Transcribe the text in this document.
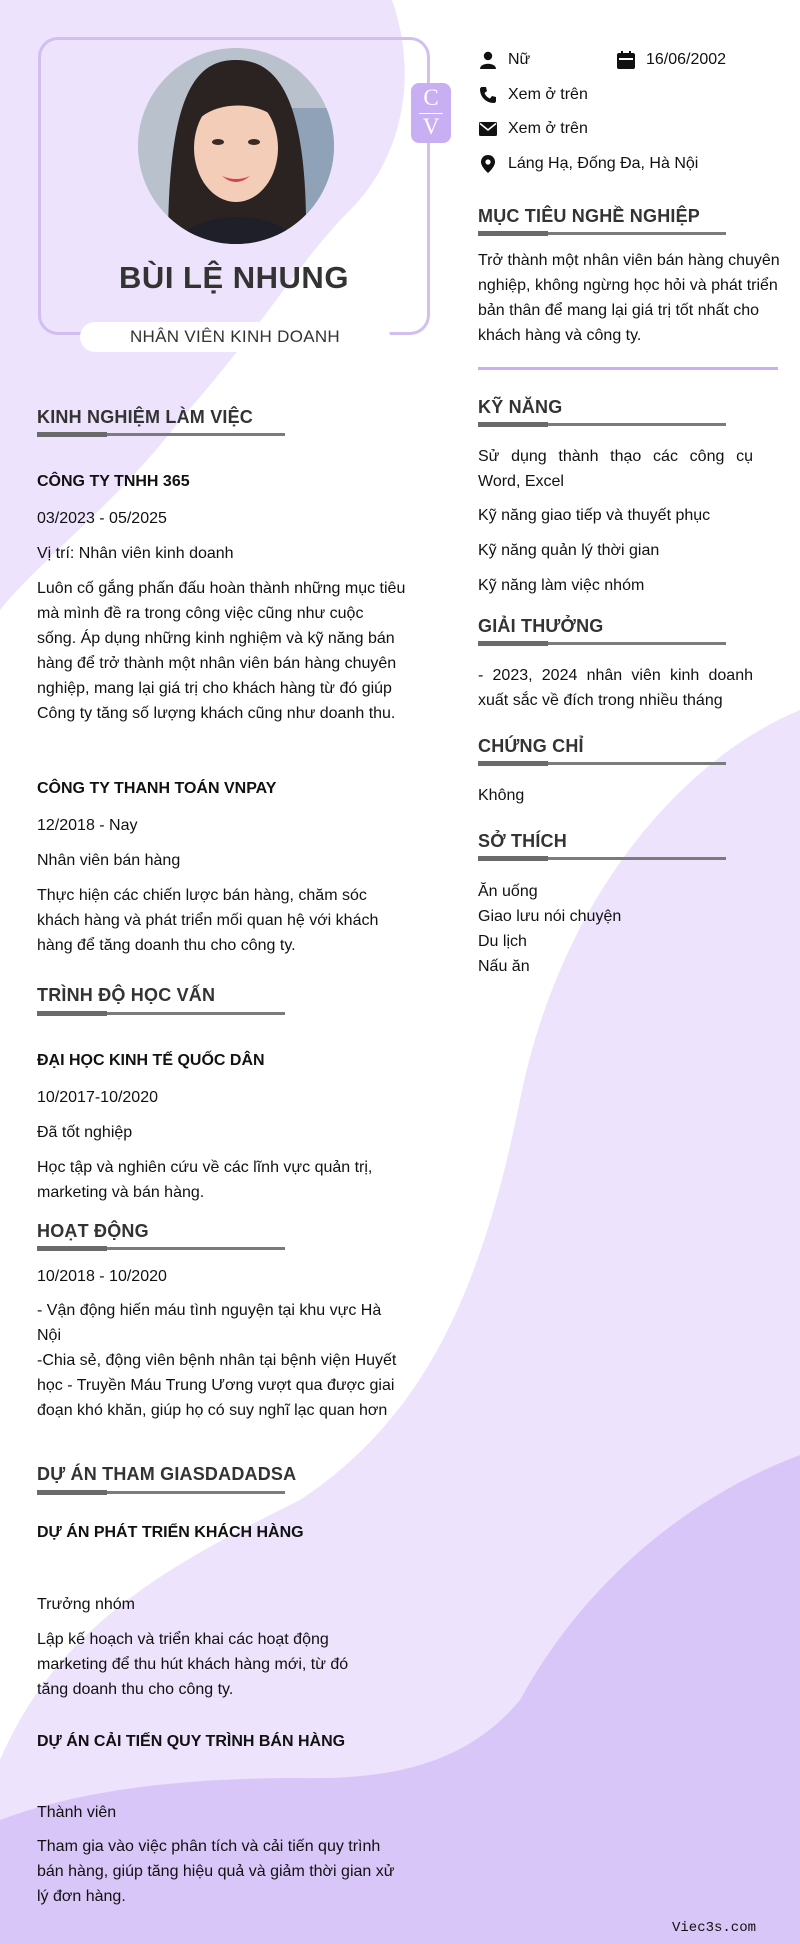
BÙI LỆ NHUNG
NHÂN VIÊN KINH DOANH
C
V
Nữ	16/06/2002
Xem ở trên
Xem ở trên
Láng Hạ, Đống Đa, Hà Nội
MỤC TIÊU NGHỀ NGHIỆP
Trở thành một nhân viên bán hàng chuyên nghiệp, không ngừng học hỏi và phát triển bản thân để mang lại giá trị tốt nhất cho khách hàng và công ty.
KỸ NĂNG
Sử dụng thành thạo các công cụ Word, Excel
Kỹ năng giao tiếp và thuyết phục
Kỹ năng quản lý thời gian
Kỹ năng làm việc nhóm
GIẢI THƯỞNG
- 2023, 2024 nhân viên kinh doanh xuất sắc về đích trong nhiều tháng
CHỨNG CHỈ
Không
SỞ THÍCH
Ăn uống
Giao lưu nói chuyện
Du lịch
Nấu ăn
KINH NGHIỆM LÀM VIỆC
CÔNG TY TNHH 365
03/2023 - 05/2025
Vị trí: Nhân viên kinh doanh
Luôn cố gắng phấn đấu hoàn thành những mục tiêu mà mình đề ra trong công việc cũng như cuộc sống. Áp dụng những kinh nghiệm và kỹ năng bán hàng để trở thành một nhân viên bán hàng chuyên nghiệp, mang lại giá trị cho khách hàng từ đó giúp Công ty tăng số lượng khách cũng như doanh thu.
CÔNG TY THANH TOÁN VNPAY
12/2018 - Nay
Nhân viên bán hàng
Thực hiện các chiến lược bán hàng, chăm sóc khách hàng và phát triển mối quan hệ với khách hàng để tăng doanh thu cho công ty.
TRÌNH ĐỘ HỌC VẤN
ĐẠI HỌC KINH TẾ QUỐC DÂN
10/2017-10/2020
Đã tốt nghiệp
Học tập và nghiên cứu về các lĩnh vực quản trị, marketing và bán hàng.
HOẠT ĐỘNG
10/2018 - 10/2020
- Vận động hiến máu tình nguyện tại khu vực Hà Nội
-Chia sẻ, động viên bệnh nhân tại bệnh viện Huyết học - Truyền Máu Trung Ương vượt qua được giai đoạn khó khăn, giúp họ có suy nghĩ lạc quan hơn
DỰ ÁN THAM GIASDADADSA
DỰ ÁN PHÁT TRIỂN KHÁCH HÀNG
Trưởng nhóm
Lập kế hoạch và triển khai các hoạt động marketing để thu hút khách hàng mới, từ đó tăng doanh thu cho công ty.
DỰ ÁN CẢI TIẾN QUY TRÌNH BÁN HÀNG
Thành viên
Tham gia vào việc phân tích và cải tiến quy trình bán hàng, giúp tăng hiệu quả và giảm thời gian xử lý đơn hàng.
Viec3s.com
